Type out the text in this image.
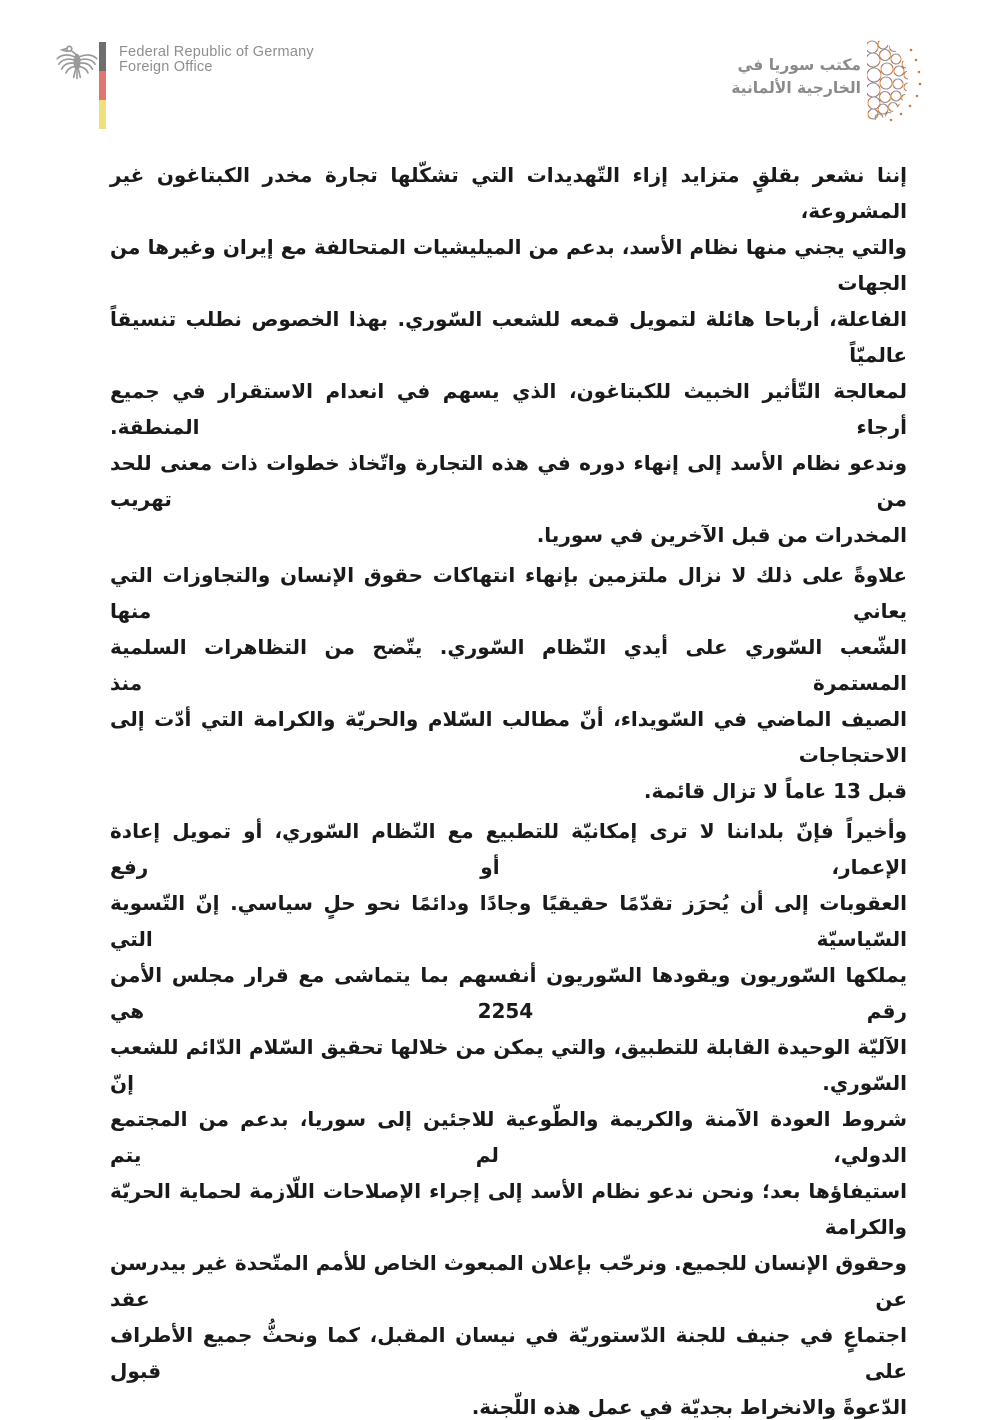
Federal Republic of Germany
Foreign Office	مكتب سوريا في
الخارجية الألمانية

إننا نشعر بقلقٍ متزايد إزاء التّهديدات التي تشكّلها تجارة مخدر الكبتاغون غير المشروعة،
والتي يجني منها نظام الأسد، بدعم من الميليشيات المتحالفة مع إيران وغيرها من الجهات
الفاعلة، أرباحا هائلة لتمويل قمعه للشعب السّوري. بهذا الخصوص نطلب تنسيقاً عالميّاً
لمعالجة التّأثير الخبيث للكبتاغون، الذي يسهم في انعدام الاستقرار في جميع أرجاء المنطقة.
وندعو نظام الأسد إلى إنهاء دوره في هذه التجارة واتّخاذ خطوات ذات معنى للحد من تهريب
المخدرات من قبل الآخرين في سوريا.

علاوةً على ذلك لا نزال ملتزمين بإنهاء انتهاكات حقوق الإنسان والتجاوزات التي يعاني منها
الشّعب السّوري على أيدي النّظام السّوري. يتّضح من التظاهرات السلمية المستمرة منذ
الصيف الماضي في السّويداء، أنّ مطالب السّلام والحريّة والكرامة التي أدّت إلى الاحتجاجات
قبل 13 عاماً لا تزال قائمة.

وأخيراً فإنّ بلداننا لا ترى إمكانيّة للتطبيع مع النّظام السّوري، أو تمويل إعادة الإعمار، أو رفع
العقوبات إلى أن يُحرَز تقدّمًا حقيقيًا وجادًا ودائمًا نحو حلٍ سياسي. إنّ التّسوية السّياسيّة التي
يملكها السّوريون ويقودها السّوريون أنفسهم بما يتماشى مع قرار مجلس الأمن رقم 2254 هي
الآليّة الوحيدة القابلة للتطبيق، والتي يمكن من خلالها تحقيق السّلام الدّائم للشعب السّوري. إنّ
شروط العودة الآمنة والكريمة والطّوعية للاجئين إلى سوريا، بدعم من المجتمع الدولي، لم يتم
استيفاؤها بعد؛ ونحن ندعو نظام الأسد إلى إجراء الإصلاحات اللّازمة لحماية الحريّة والكرامة
وحقوق الإنسان للجميع. ونرحّب بإعلان المبعوث الخاص للأمم المتّحدة غير بيدرسن عن عقد
اجتماعٍ في جنيف للجنة الدّستوريّة في نيسان المقبل، كما ونحثُّ جميع الأطراف على قبول
الدّعوةً والانخراط بجديّة في عمل هذه اللّجنة.
